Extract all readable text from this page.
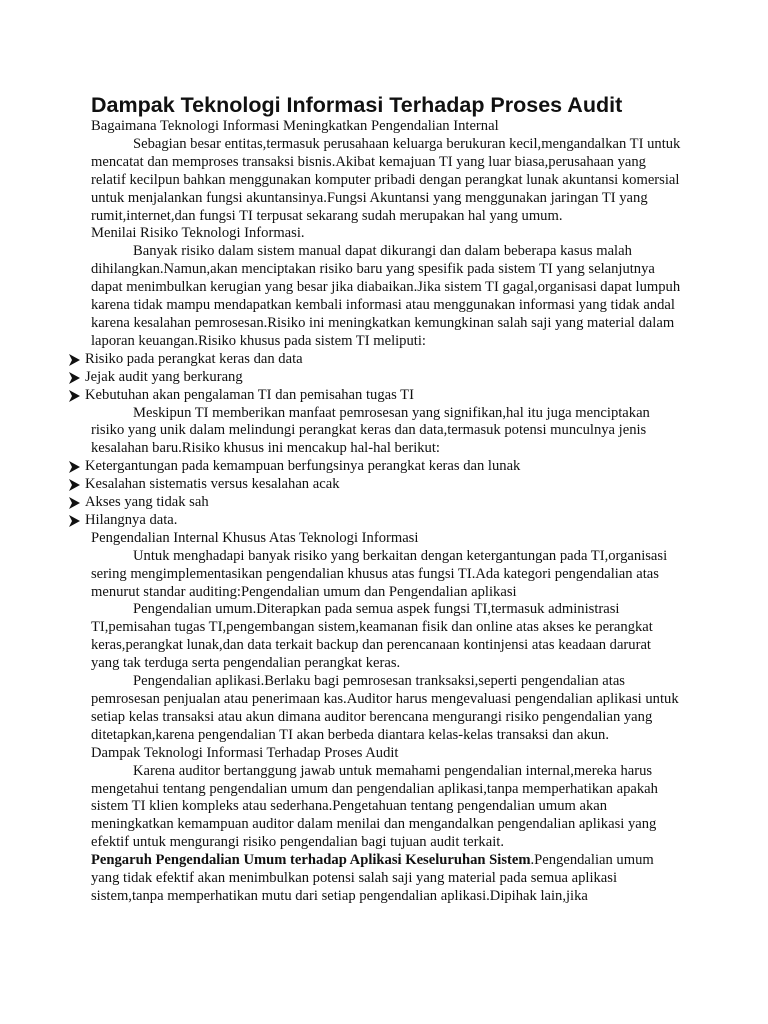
Dampak Teknologi Informasi Terhadap Proses Audit

Bagaimana Teknologi Informasi Meningkatkan Pengendalian Internal

Sebagian besar entitas,termasuk perusahaan keluarga berukuran kecil,mengandalkan TI untuk mencatat dan memproses transaksi bisnis.Akibat kemajuan TI yang luar biasa,perusahaan yang relatif kecilpun bahkan menggunakan komputer pribadi dengan perangkat lunak akuntansi komersial untuk menjalankan fungsi akuntansinya.Fungsi Akuntansi yang menggunakan jaringan TI yang rumit,internet,dan fungsi TI terpusat sekarang sudah merupakan hal yang umum.

Menilai Risiko Teknologi Informasi.

Banyak risiko dalam sistem manual dapat dikurangi dan dalam beberapa kasus malah dihilangkan.Namun,akan menciptakan risiko baru yang spesifik pada sistem TI yang selanjutnya dapat menimbulkan kerugian yang besar jika diabaikan.Jika sistem TI gagal,organisasi dapat lumpuh karena tidak mampu mendapatkan kembali informasi atau menggunakan informasi yang tidak andal karena kesalahan pemrosesan.Risiko ini meningkatkan kemungkinan salah saji yang material dalam laporan keuangan.Risiko khusus pada sistem TI meliputi:

Risiko pada perangkat keras dan data
Jejak audit yang berkurang
Kebutuhan akan pengalaman TI dan pemisahan tugas TI

Meskipun TI memberikan manfaat pemrosesan yang signifikan,hal itu juga menciptakan risiko yang unik dalam melindungi perangkat keras dan data,termasuk potensi munculnya jenis kesalahan baru.Risiko khusus ini mencakup hal-hal berikut:

Ketergantungan pada kemampuan berfungsinya perangkat keras dan lunak
Kesalahan sistematis versus kesalahan acak
Akses yang tidak sah
Hilangnya data.

Pengendalian Internal Khusus Atas Teknologi Informasi

Untuk menghadapi banyak risiko yang berkaitan dengan ketergantungan pada TI,organisasi sering mengimplementasikan pengendalian khusus atas fungsi TI.Ada kategori pengendalian atas menurut standar auditing:Pengendalian umum dan Pengendalian aplikasi

Pengendalian umum.Diterapkan pada semua aspek fungsi TI,termasuk administrasi TI,pemisahan tugas TI,pengembangan sistem,keamanan fisik dan online atas akses ke perangkat keras,perangkat lunak,dan data terkait backup dan perencanaan kontinjensi atas keadaan darurat yang tak terduga serta pengendalian perangkat keras.

Pengendalian aplikasi.Berlaku bagi pemrosesan tranksaksi,seperti pengendalian atas pemrosesan penjualan atau penerimaan kas.Auditor harus mengevaluasi pengendalian aplikasi untuk setiap kelas transaksi atau akun dimana auditor berencana mengurangi risiko pengendalian yang ditetapkan,karena pengendalian TI akan berbeda diantara kelas-kelas transaksi dan akun.

Dampak Teknologi Informasi Terhadap Proses Audit

Karena auditor bertanggung jawab untuk memahami pengendalian internal,mereka harus mengetahui tentang pengendalian umum dan pengendalian aplikasi,tanpa memperhatikan apakah sistem TI klien kompleks atau sederhana.Pengetahuan tentang pengendalian umum akan meningkatkan kemampuan auditor dalam menilai dan mengandalkan pengendalian aplikasi yang efektif untuk mengurangi risiko pengendalian bagi tujuan audit terkait.

Pengaruh Pengendalian Umum terhadap Aplikasi Keseluruhan Sistem.Pengendalian umum yang tidak efektif akan menimbulkan potensi salah saji yang material pada semua aplikasi sistem,tanpa memperhatikan mutu dari setiap pengendalian aplikasi.Dipihak lain,jika
